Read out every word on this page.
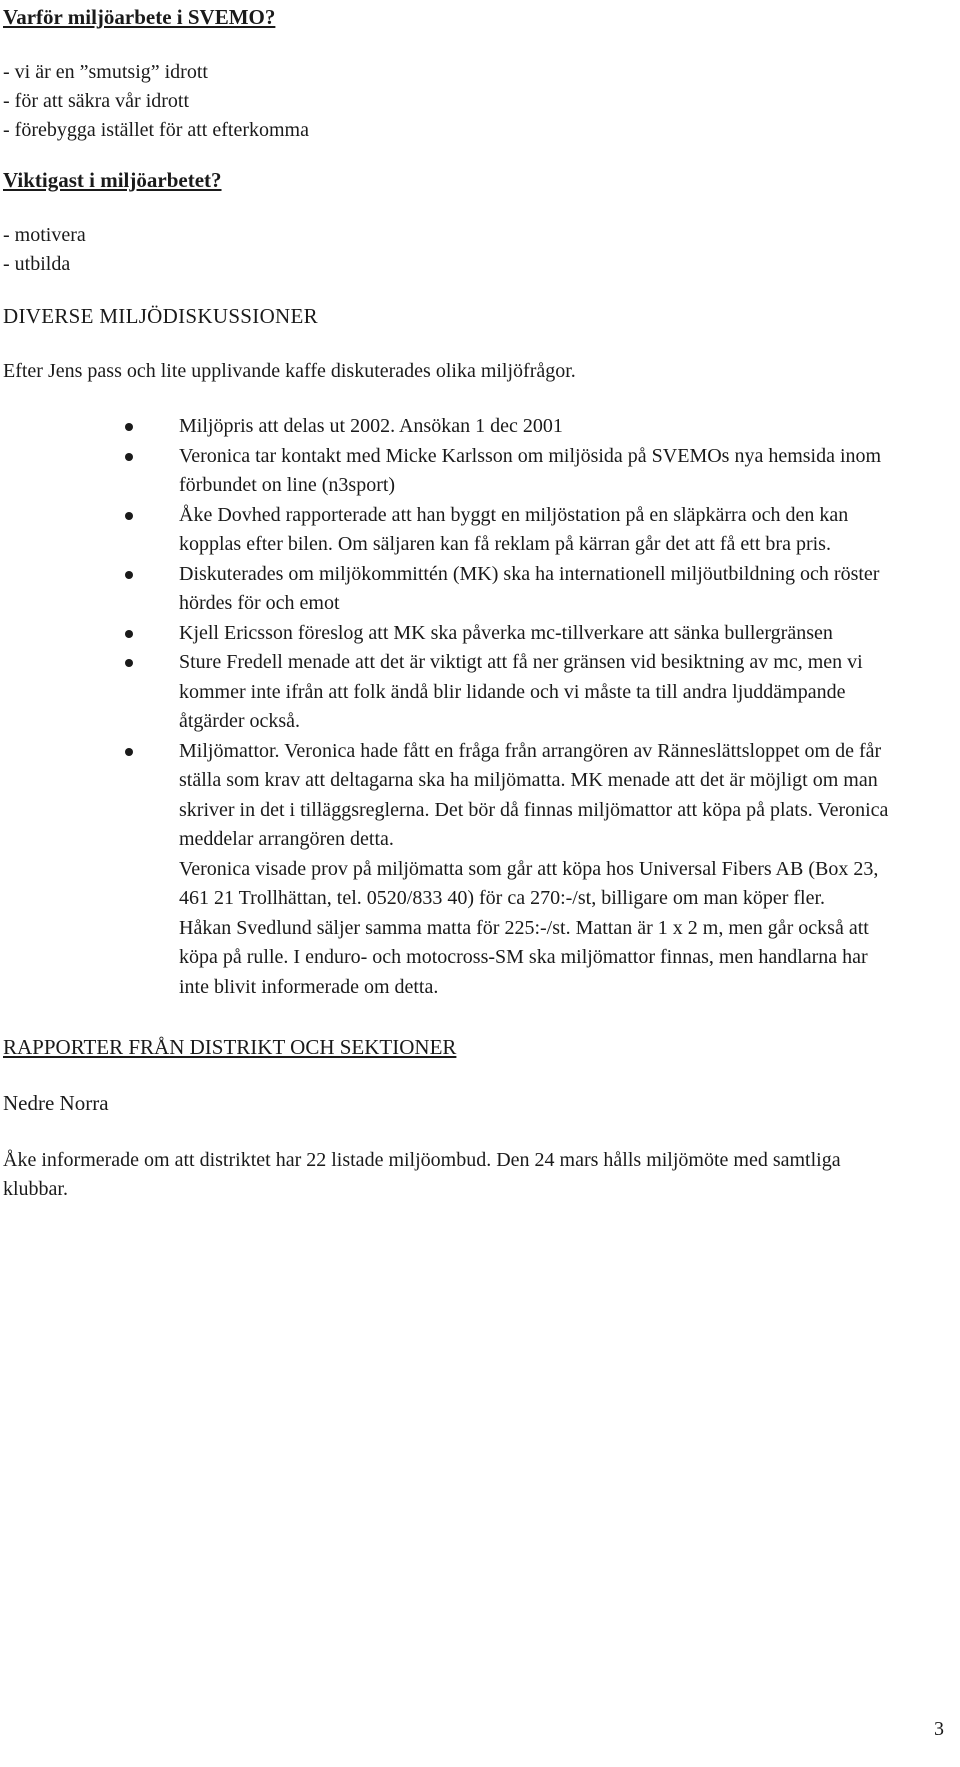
Varför miljöarbete i SVEMO?
- vi är en ”smutsig” idrott
- för att säkra vår idrott
- förebygga istället för att efterkomma
Viktigast i miljöarbetet?
- motivera
- utbilda
DIVERSE MILJÖDISKUSSIONER
Efter Jens pass och lite upplivande kaffe diskuterades olika miljöfrågor.
Miljöpris att delas ut 2002. Ansökan 1 dec 2001
Veronica tar kontakt med Micke Karlsson om miljösida på SVEMOs nya hemsida inom förbundet on line (n3sport)
Åke Dovhed rapporterade att han byggt en miljöstation på en släpkärra och den kan kopplas efter bilen. Om säljaren kan få reklam på kärran går det att få ett bra pris.
Diskuterades om miljökommittén (MK) ska ha internationell miljöutbildning och röster hördes för och emot
Kjell Ericsson föreslog att MK ska påverka mc-tillverkare att sänka bullergränsen
Sture Fredell menade att det är viktigt att få ner gränsen vid besiktning av mc, men vi kommer inte ifrån att folk ändå blir lidande och vi måste ta till andra ljuddämpande åtgärder också.
Miljömattor. Veronica hade fått en fråga från arrangören av Ränneslättsloppet om de får ställa som krav att deltagarna ska ha miljömatta. MK menade att det är möjligt om man skriver in det i tilläggsreglerna. Det bör då finnas miljömattor att köpa på plats. Veronica meddelar arrangören detta.
Veronica visade prov på miljömatta som går att köpa hos Universal Fibers AB (Box 23, 461 21 Trollhättan, tel. 0520/833 40) för ca 270:-/st, billigare om man köper fler.
Håkan Svedlund säljer samma matta för 225:-/st. Mattan är 1 x 2 m, men går också att köpa på rulle. I enduro- och motocross-SM ska miljömattor finnas, men handlarna har inte blivit informerade om detta.
RAPPORTER FRÅN DISTRIKT OCH SEKTIONER
Nedre Norra
Åke informerade om att distriktet har 22 listade miljöombud. Den 24 mars hålls miljömöte med samtliga klubbar.
3
